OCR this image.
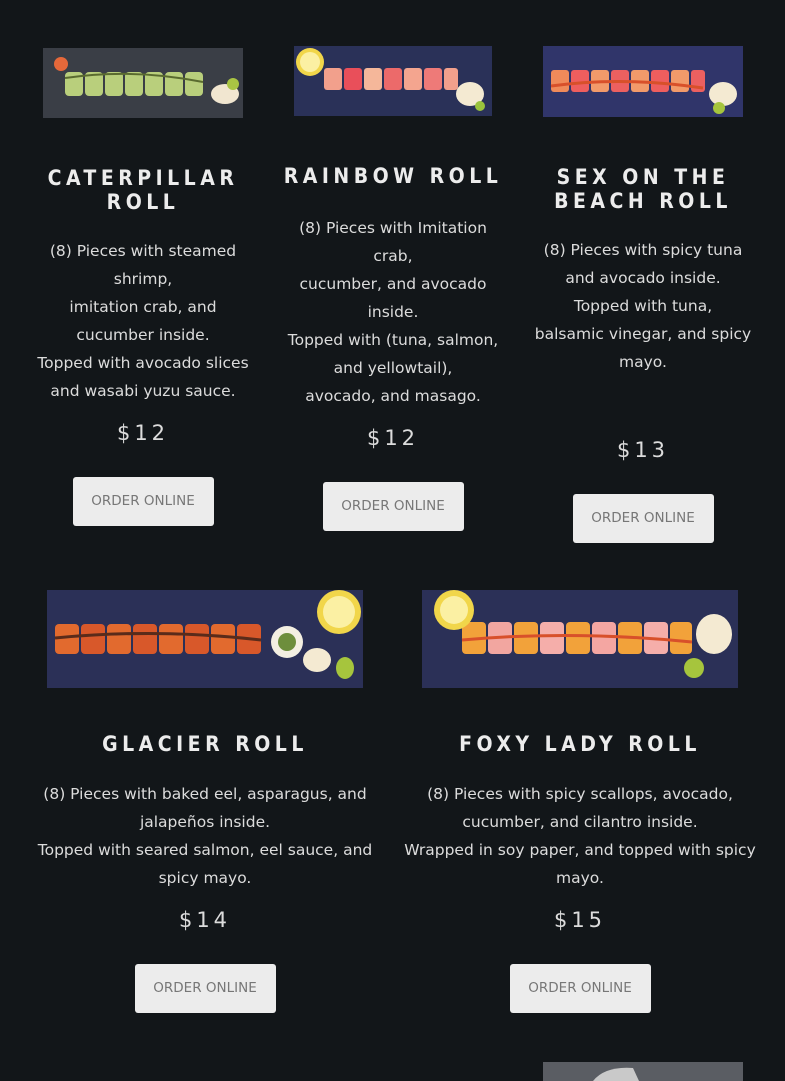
CATERPILLAR ROLL

(8) Pieces with steamed
shrimp,
imitation crab, and
cucumber inside.
Topped with avocado slices
and wasabi yuzu sauce.

$12

ORDER ONLINE
RAINBOW ROLL

(8) Pieces with Imitation
crab,
cucumber, and avocado
inside.
Topped with (tuna, salmon,
and yellowtail),
avocado, and masago.

$12

ORDER ONLINE
SEX ON THE BEACH ROLL

(8) Pieces with spicy tuna
and avocado inside.
Topped with tuna,
balsamic vinegar, and spicy
mayo.

$13

ORDER ONLINE
GLACIER ROLL

(8) Pieces with baked eel, asparagus, and
jalapeños inside.
Topped with seared salmon, eel sauce, and
spicy mayo.

$14

ORDER ONLINE
FOXY LADY ROLL

(8) Pieces with spicy scallops, avocado,
cucumber, and cilantro inside.
Wrapped in soy paper, and topped with spicy
mayo.

$15

ORDER ONLINE
